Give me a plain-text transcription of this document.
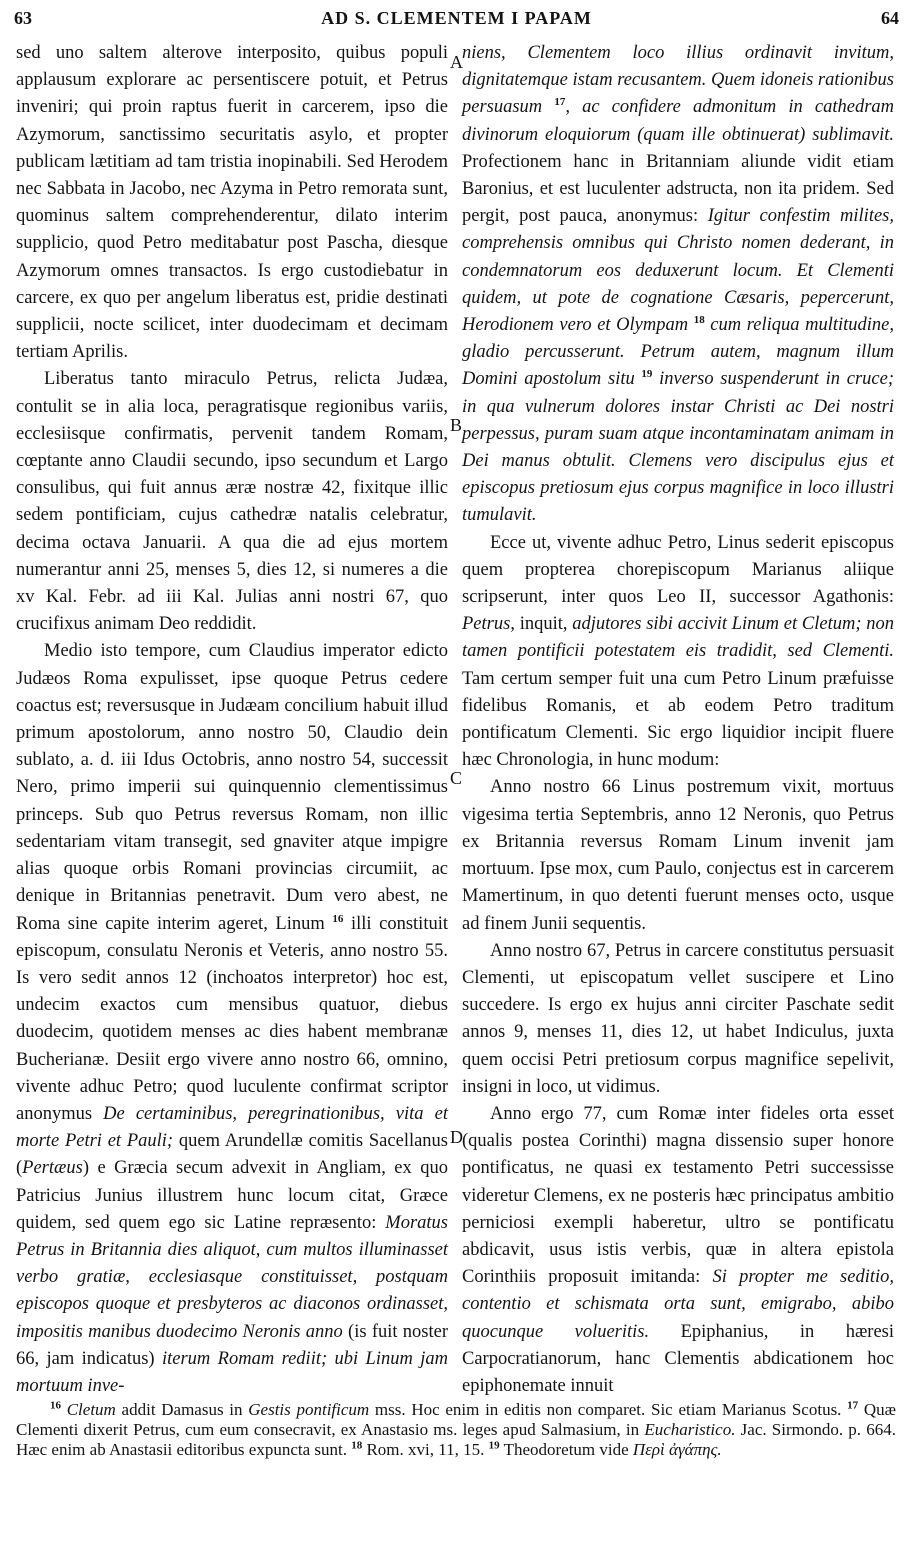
63	AD S. CLEMENTEM I PAPAM	64

sed uno saltem alterove interposito, quibus populi applausum explorare ac persentiscere potuit, et Petrus inveniri; qui proin raptus fuerit in carcerem, ipso die Azymorum, sanctissimo securitatis asylo, et propter publicam lætitiam ad tam tristia inopinabili. Sed Herodem nec Sabbata in Jacobo, nec Azyma in Petro remorata sunt, quominus saltem comprehenderentur, dilato interim supplicio, quod Petro meditabatur post Pascha, diesque Azymorum omnes transactos. Is ergo custodiebatur in carcere, ex quo per angelum liberatus est, pridie destinati supplicii, nocte scilicet, inter duodecimam et decimam tertiam Aprilis.

Liberatus tanto miraculo Petrus, relicta Judæa, contulit se in alia loca, peragratisque regionibus variis, ecclesiisque confirmatis, pervenit tandem Romam, cœptante anno Claudii secundo, ipso secundum et Largo consulibus, qui fuit annus æræ nostræ 42, fixitque illic sedem pontificiam, cujus cathedræ natalis celebratur, decima octava Januarii. A qua die ad ejus mortem numerantur anni 25, menses 5, dies 12, si numeres a die xv Kal. Febr. ad iii Kal. Julias anni nostri 67, quo crucifixus animam Deo reddidit.

Medio isto tempore, cum Claudius imperator edicto Judæos Roma expulisset, ipse quoque Petrus cedere coactus est; reversusque in Judæam concilium habuit illud primum apostolorum, anno nostro 50, Claudio dein sublato, a. d. iii Idus Octobris, anno nostro 54, successit Nero, primo imperii sui quinquennio clementissimus princeps. Sub quo Petrus reversus Romam, non illic sedentariam vitam transegit, sed gnaviter atque impigre alias quoque orbis Romani provincias circumiit, ac denique in Britannias penetravit. Dum vero abest, ne Roma sine capite interim ageret, Linum $^{16}$ illi constituit episcopum, consulatu Neronis et Veteris, anno nostro 55. Is vero sedit annos 12 (inchoatos interpretor) hoc est, undecim exactos cum mensibus quatuor, diebus duodecim, quotidem menses ac dies habent membranæ Bucherianæ. Desiit ergo vivere anno nostro 66, omnino, vivente adhuc Petro; quod luculente confirmat scriptor anonymus De certaminibus, peregrinationibus, vita et morte Petri et Pauli; quem Arundellæ comitis Sacellanus (Pertæus) e Græcia secum advexit in Angliam, ex quo Patricius Junius illustrem hunc locum citat, Græce quidem, sed quem ego sic Latine repræsento: Moratus Petrus in Britannia dies aliquot, cum multos illuminasset verbo gratiæ, ecclesiasque constituisset, postquam episcopos quoque et presbyteros ac diaconos ordinasset, impositis manibus duodecimo Neronis anno (is fuit noster 66, jam indicatus) iterum Romam rediit; ubi Linum jam mortuum inve-

A
B
C
D

niens, Clementem loco illius ordinavit invitum, dignitatemque istam recusantem. Quem idoneis rationibus persuasum $^{17}$, ac confidere admonitum in cathedram divinorum eloquiorum (quam ille obtinuerat) sublimavit. Profectionem hanc in Britanniam aliunde vidit etiam Baronius, et est luculenter adstructa, non ita pridem. Sed pergit, post pauca, anonymus: Igitur confestim milites, comprehensis omnibus qui Christo nomen dederant, in condemnatorum eos deduxerunt locum. Et Clementi quidem, ut pote de cognatione Cæsaris, pepercerunt, Herodionem vero et Olympam $^{18}$ cum reliqua multitudine, gladio percusserunt. Petrum autem, magnum illum Domini apostolum situ $^{19}$ inverso suspenderunt in cruce; in qua vulnerum dolores instar Christi ac Dei nostri perpessus, puram suam atque incontaminatam animam in Dei manus obtulit. Clemens vero discipulus ejus et episcopus pretiosum ejus corpus magnifice in loco illustri tumulavit.

Ecce ut, vivente adhuc Petro, Linus sederit episcopus quem propterea chorepiscopum Marianus aliique scripserunt, inter quos Leo II, successor Agathonis: Petrus, inquit, adjutores sibi accivit Linum et Cletum; non tamen pontificii potestatem eis tradidit, sed Clementi. Tam certum semper fuit una cum Petro Linum præfuisse fidelibus Romanis, et ab eodem Petro traditum pontificatum Clementi. Sic ergo liquidior incipit fluere hæc Chronologia, in hunc modum:

Anno nostro 66 Linus postremum vixit, mortuus vigesima tertia Septembris, anno 12 Neronis, quo Petrus ex Britannia reversus Romam Linum invenit jam mortuum. Ipse mox, cum Paulo, conjectus est in carcerem Mamertinum, in quo detenti fuerunt menses octo, usque ad finem Junii sequentis.

Anno nostro 67, Petrus in carcere constitutus persuasit Clementi, ut episcopatum vellet suscipere et Lino succedere. Is ergo ex hujus anni circiter Paschate sedit annos 9, menses 11, dies 12, ut habet Indiculus, juxta quem occisi Petri pretiosum corpus magnifice sepelivit, insigni in loco, ut vidimus.

Anno ergo 77, cum Romæ inter fideles orta esset (qualis postea Corinthi) magna dissensio super honore pontificatus, ne quasi ex testamento Petri successisse videretur Clemens, ex ne posteris hæc principatus ambitio perniciosi exempli haberetur, ultro se pontificatu abdicavit, usus istis verbis, quæ in altera epistola Corinthiis proposuit imitanda: Si propter me seditio, contentio et schismata orta sunt, emigrabo, abibo quocunque volueritis. Epiphanius, in hæresi Carpocratianorum, hanc Clementis abdicationem hoc epiphonemate innuit

$^{16}$ Cletum addit Damasus in Gestis pontificum mss. Hoc enim in editis non comparet. Sic etiam Marianus Scotus. $^{17}$ Quæ Clementi dixerit Petrus, cum eum consecravit, ex Anastasio ms. leges apud Salmasium, in Eucharistico. Jac. Sirmondo. p. 664. Hæc enim ab Anastasii editoribus expuncta sunt. $^{18}$ Rom. xvi, 11, 15. $^{19}$ Theodoretum vide Περὶ ἀγάπης.
